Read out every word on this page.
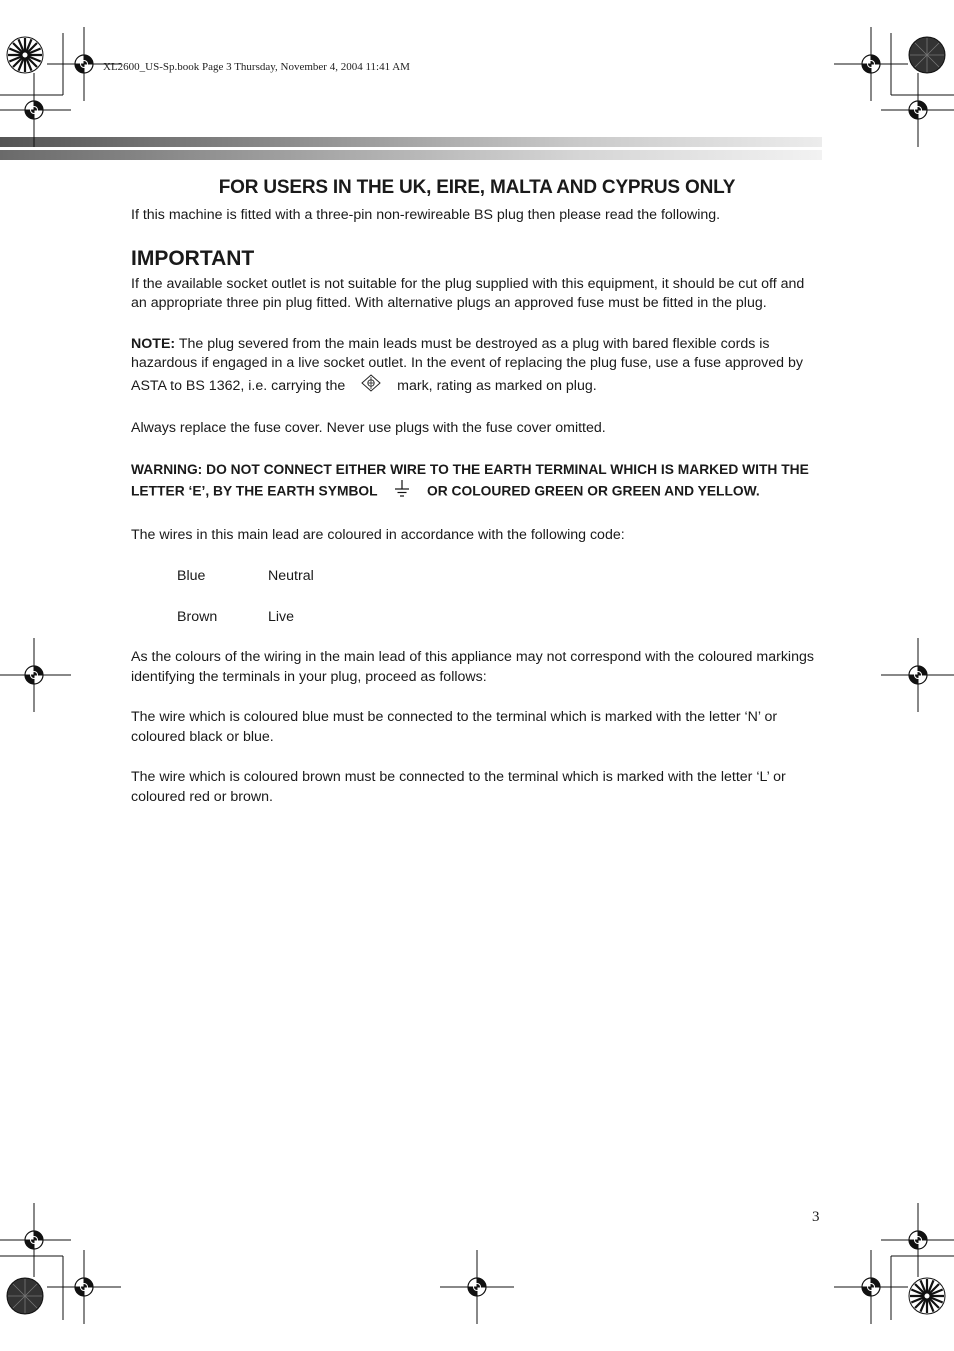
XL2600_US-Sp.book Page 3 Thursday, November 4, 2004 11:41 AM
FOR USERS IN THE UK, EIRE, MALTA AND CYPRUS ONLY

If this machine is fitted with a three-pin non-rewireable BS plug then please read the following.

IMPORTANT

If the available socket outlet is not suitable for the plug supplied with this equipment, it should be cut off and an appropriate three pin plug fitted. With alternative plugs an approved fuse must be fitted in the plug.

NOTE: The plug severed from the main leads must be destroyed as a plug with bared flexible cords is hazardous if engaged in a live socket outlet. In the event of replacing the plug fuse, use a fuse approved by ASTA to BS 1362, i.e. carrying the	mark, rating as marked on plug.

Always replace the fuse cover. Never use plugs with the fuse cover omitted.

WARNING: DO NOT CONNECT EITHER WIRE TO THE EARTH TERMINAL WHICH IS MARKED WITH THE LETTER ‘E’, BY THE EARTH SYMBOL	OR COLOURED GREEN OR GREEN AND YELLOW.

The wires in this main lead are coloured in accordance with the following code:

Blue	Neutral
Brown	Live

As the colours of the wiring in the main lead of this appliance may not correspond with the coloured markings identifying the terminals in your plug, proceed as follows:

The wire which is coloured blue must be connected to the terminal which is marked with the letter ‘N’ or coloured black or blue.

The wire which is coloured brown must be connected to the terminal which is marked with the letter ‘L’ or coloured red or brown.

3
